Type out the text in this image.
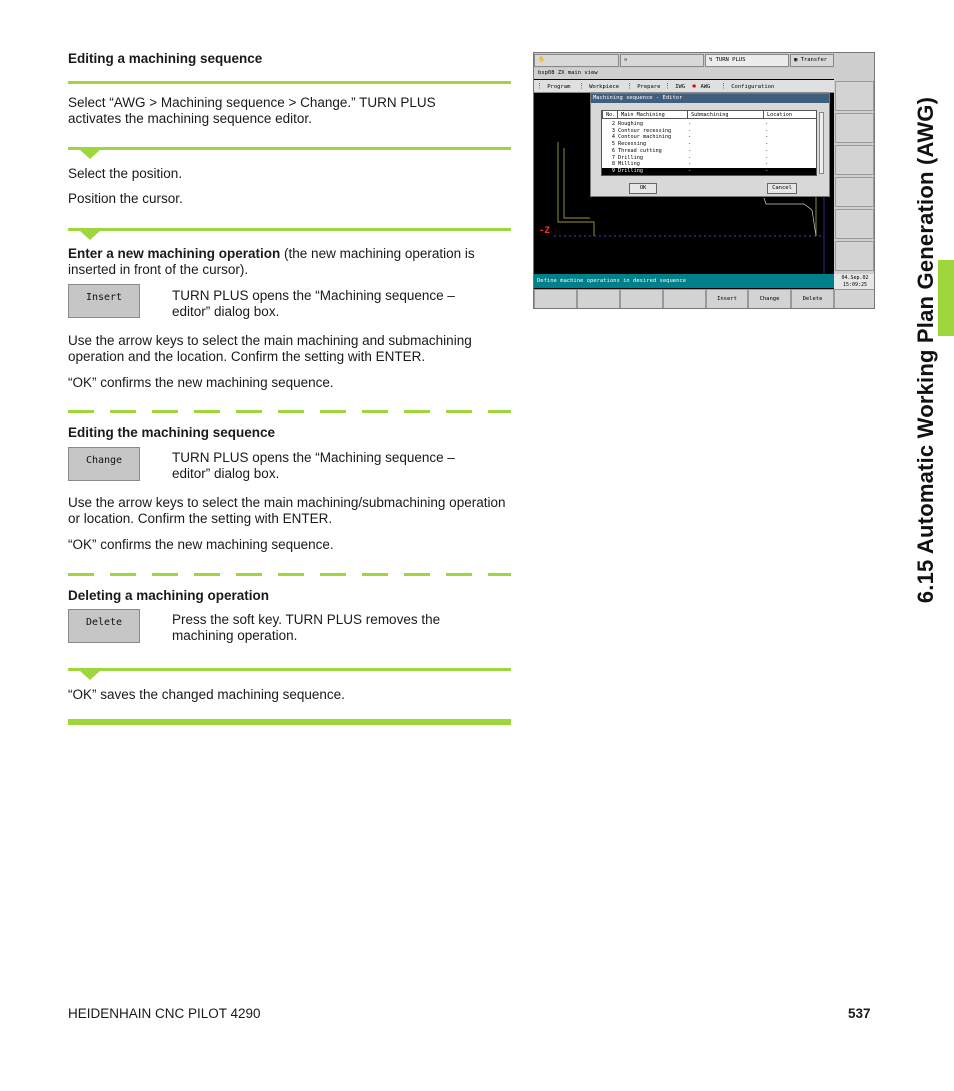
Editing a machining sequence
Select “AWG > Machining sequence > Change.” TURN PLUS activates the machining sequence editor.
Select the position.
Position the cursor.
Enter a new machining operation (the new machining operation is inserted in front of the cursor).
Insert	TURN PLUS opens the “Machining sequence – editor” dialog box.
Use the arrow keys to select the main machining and submachining operation and the location. Confirm the setting with ENTER.
“OK” confirms the new machining sequence.
Editing the machining sequence
Change	TURN PLUS opens the “Machining sequence – editor” dialog box.
Use the arrow keys to select the main machining/submachining operation or location. Confirm the setting with ENTER.
“OK” confirms the new machining sequence.
Deleting a machining operation
Delete	Press the soft key. TURN PLUS removes the machining operation.
“OK” saves the changed machining sequence.
6.15 Automatic Working Plan Generation (AWG)
HEIDENHAIN CNC PILOT 4290	537
✋	⇛	↯ TURN PLUS	▣ Transfer
bsp08 ZX main view
⋮ Program ⋮ Workpiece ⋮ Prepare ⋮ IWG ✱ AWG ⋮ Configuration
-Z
Machining sequence - Editor
No.	Main Machining	Submachining	Location
2 Roughing	-	-
3 Contour recessing	-	-
4 Contour machining	-	-
5 Recessing	-	-
6 Thread cutting	-	-
7 Drilling	-	-
8 Milling	-	-
9 Drilling	-	-
OK	Cancel
Define machine operations in desired sequence	04.Sep.02
15:09:25
Insert	Change	Delete
